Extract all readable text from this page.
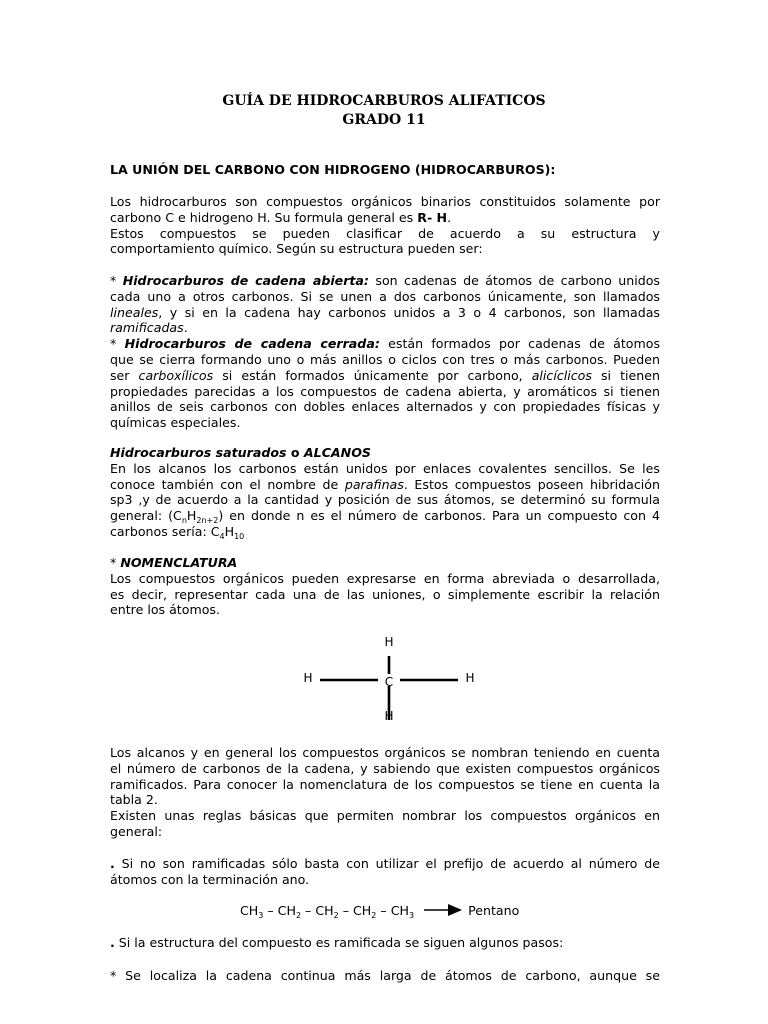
GUÍA DE HIDROCARBUROS ALIFATICOS
GRADO 11
LA UNIÓN DEL CARBONO CON HIDROGENO (HIDROCARBUROS):
Los hidrocarburos son compuestos orgánicos binarios constituidos solamente por
carbono C e hidrogeno H. Su formula general es R- H.
Estos compuestos se pueden clasificar de acuerdo a su estructura y
comportamiento químico. Según su estructura pueden ser:
* Hidrocarburos de cadena abierta: son cadenas de átomos de carbono unidos
cada uno a otros carbonos. Si se unen a dos carbonos únicamente, son llamados
lineales, y si en la cadena hay carbonos unidos a 3 o 4 carbonos, son llamadas
ramificadas.
* Hidrocarburos de cadena cerrada: están formados por cadenas de átomos
que se cierra formando uno o más anillos o ciclos con tres o más carbonos. Pueden
ser carboxílicos si están formados únicamente por carbono, alicíclicos si tienen
propiedades parecidas a los compuestos de cadena abierta, y aromáticos si tienen
anillos de seis carbonos con dobles enlaces alternados y con propiedades físicas y
químicas especiales.
Hidrocarburos saturados o ALCANOS
En los alcanos los carbonos están unidos por enlaces covalentes sencillos. Se les
conoce también con el nombre de parafinas. Estos compuestos poseen hibridación
sp3 ,y de acuerdo a la cantidad y posición de sus átomos, se determinó su formula
general: $(C_nH_{2n+2})$ en donde n es el número de carbonos. Para un compuesto con 4
carbonos sería: $C_4H_{10}$
* NOMENCLATURA
Los compuestos orgánicos pueden expresarse en forma abreviada o desarrollada,
es decir, representar cada una de las uniones, o simplemente escribir la relación
entre los átomos.
H
H	C	H
H
Los alcanos y en general los compuestos orgánicos se nombran teniendo en cuenta
el número de carbonos de la cadena, y sabiendo que existen compuestos orgánicos
ramificados. Para conocer la nomenclatura de los compuestos se tiene en cuenta la
tabla 2.
Existen unas reglas básicas que permiten nombrar los compuestos orgánicos en
general:
. Si no son ramificadas sólo basta con utilizar el prefijo de acuerdo al número de
átomos con la terminación ano.
$CH_3 - CH_2 - CH_2 - CH_2 - CH_3$	Pentano
. Si la estructura del compuesto es ramificada se siguen algunos pasos:
* Se localiza la cadena continua más larga de átomos de carbono, aunque se
